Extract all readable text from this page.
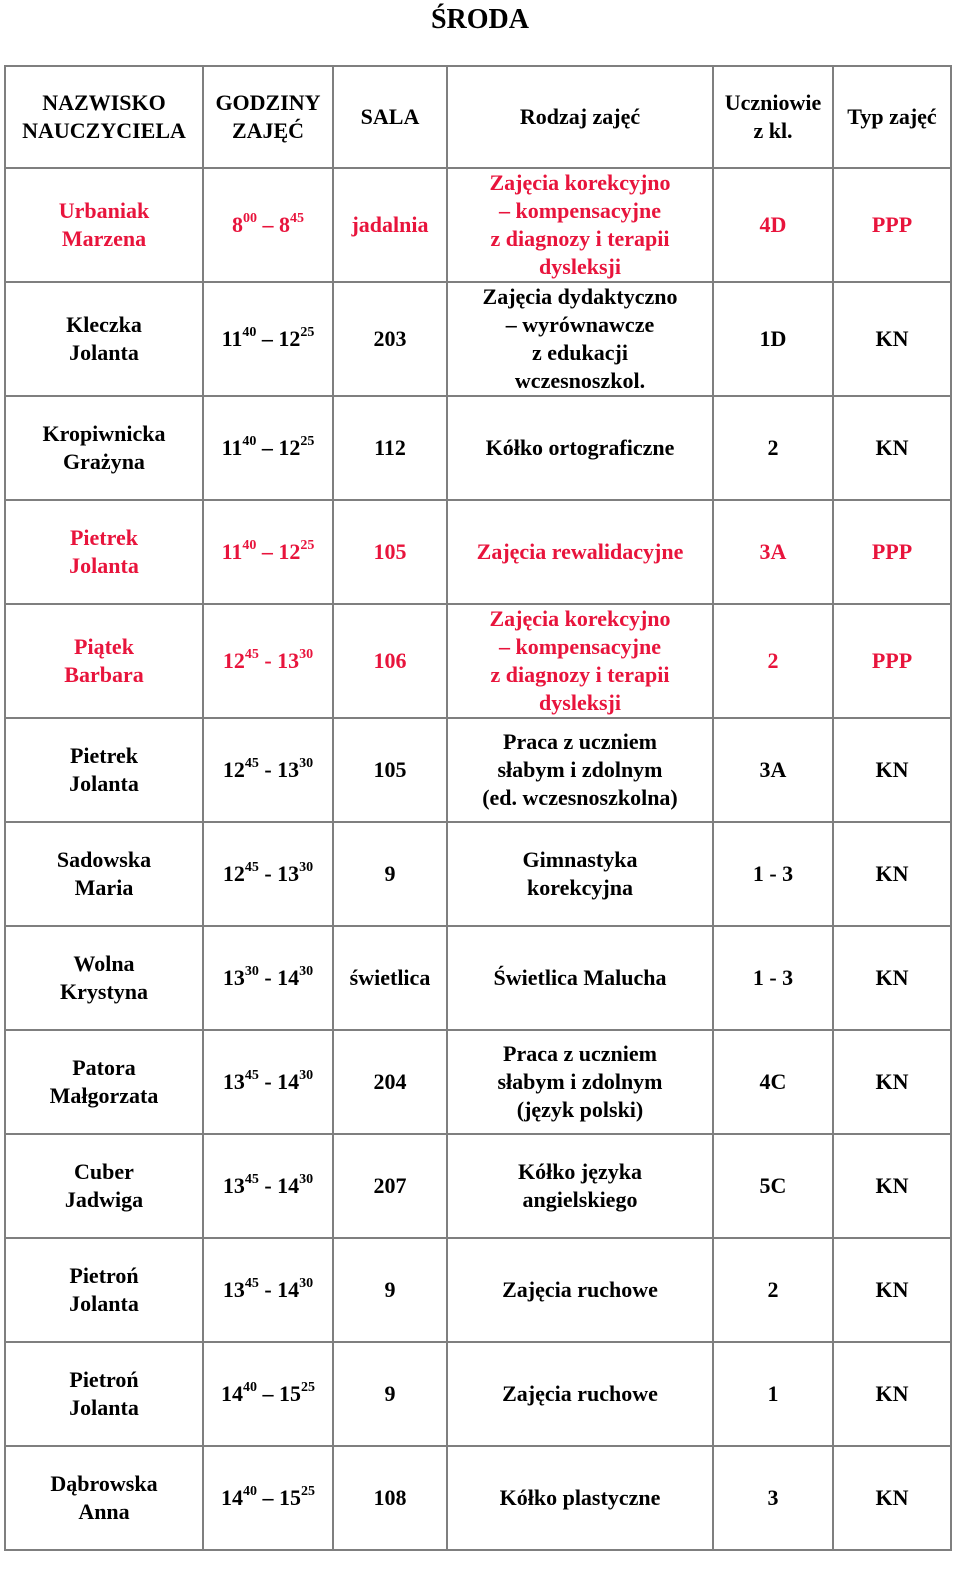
ŚRODA
NAZWISKO
NAUCZYCIELA	GODZINY
ZAJĘĆ	SALA	Rodzaj zajęć	Uczniowie
z kl.	Typ zajęć
Urbaniak
Marzena	$8^{00} - 8^{45}$	jadalnia	Zajęcia korekcyjno
– kompensacyjne
z diagnozy i terapii
dysleksji	4D	PPP
Kleczka
Jolanta	$11^{40} - 12^{25}$	203	Zajęcia dydaktyczno
– wyrównawcze
z edukacji
wczesnoszkol.	1D	KN
Kropiwnicka
Grażyna	$11^{40} - 12^{25}$	112	Kółko ortograficzne	2	KN
Pietrek
Jolanta	$11^{40} - 12^{25}$	105	Zajęcia rewalidacyjne	3A	PPP
Piątek
Barbara	$12^{45} - 13^{30}$	106	Zajęcia korekcyjno
– kompensacyjne
z diagnozy i terapii
dysleksji	2	PPP
Pietrek
Jolanta	$12^{45} - 13^{30}$	105	Praca z uczniem
słabym i zdolnym
(ed. wczesnoszkolna)	3A	KN
Sadowska
Maria	$12^{45} - 13^{30}$	9	Gimnastyka
korekcyjna	1 - 3	KN
Wolna
Krystyna	$13^{30} - 14^{30}$	świetlica	Świetlica Malucha	1 - 3	KN
Patora
Małgorzata	$13^{45} - 14^{30}$	204	Praca z uczniem
słabym i zdolnym
(język polski)	4C	KN
Cuber
Jadwiga	$13^{45} - 14^{30}$	207	Kółko języka
angielskiego	5C	KN
Pietroń
Jolanta	$13^{45} - 14^{30}$	9	Zajęcia ruchowe	2	KN
Pietroń
Jolanta	$14^{40} - 15^{25}$	9	Zajęcia ruchowe	1	KN
Dąbrowska
Anna	$14^{40} - 15^{25}$	108	Kółko plastyczne	3	KN
